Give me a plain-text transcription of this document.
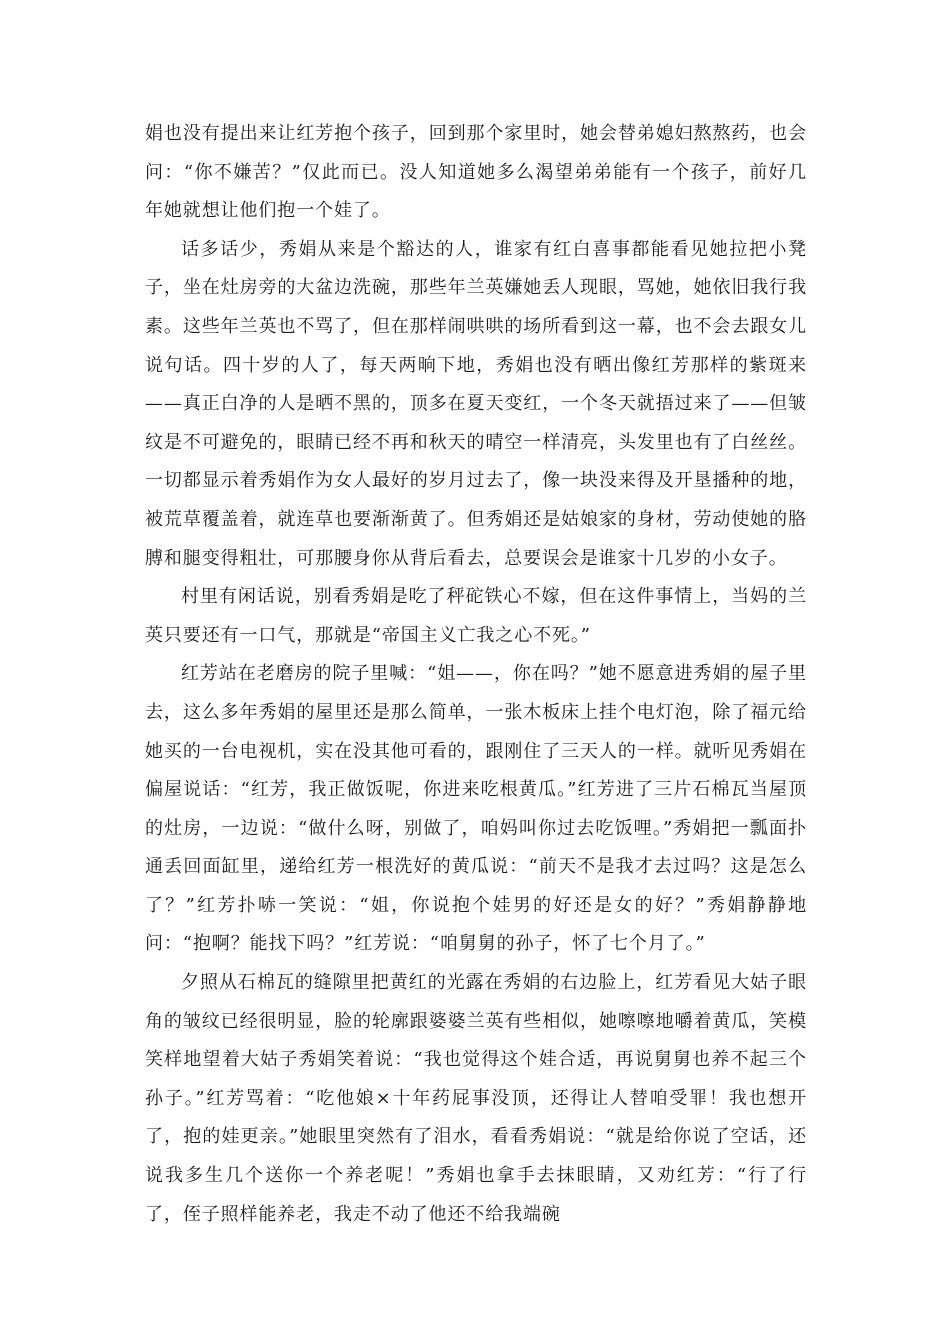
娟也没有提出来让红芳抱个孩子，回到那个家里时，她会替弟媳妇熬熬药，也会问：“你不嫌苦？”仅此而已。没人知道她多么渴望弟弟能有一个孩子，前好几年她就想让他们抱一个娃了。

话多话少，秀娟从来是个豁达的人，谁家有红白喜事都能看见她拉把小凳子，坐在灶房旁的大盆边洗碗，那些年兰英嫌她丢人现眼，骂她，她依旧我行我素。这些年兰英也不骂了，但在那样闹哄哄的场所看到这一幕，也不会去跟女儿说句话。四十岁的人了，每天两晌下地，秀娟也没有晒出像红芳那样的紫斑来——真正白净的人是晒不黑的，顶多在夏天变红，一个冬天就捂过来了——但皱纹是不可避免的，眼睛已经不再和秋天的晴空一样清亮，头发里也有了白丝丝。一切都显示着秀娟作为女人最好的岁月过去了，像一块没来得及开垦播种的地，被荒草覆盖着，就连草也要渐渐黄了。但秀娟还是姑娘家的身材，劳动使她的胳膊和腿变得粗壮，可那腰身你从背后看去，总要误会是谁家十几岁的小女子。

村里有闲话说，别看秀娟是吃了秤砣铁心不嫁，但在这件事情上，当妈的兰英只要还有一口气，那就是“帝国主义亡我之心不死。”

红芳站在老磨房的院子里喊：“姐——，你在吗？”她不愿意进秀娟的屋子里去，这么多年秀娟的屋里还是那么简单，一张木板床上挂个电灯泡，除了福元给她买的一台电视机，实在没其他可看的，跟刚住了三天人的一样。就听见秀娟在偏屋说话：“红芳，我正做饭呢，你进来吃根黄瓜。”红芳进了三片石棉瓦当屋顶的灶房，一边说：“做什么呀，别做了，咱妈叫你过去吃饭哩。”秀娟把一瓢面扑通丢回面缸里，递给红芳一根洗好的黄瓜说：“前天不是我才去过吗？这是怎么了？”红芳扑哧一笑说：“姐，你说抱个娃男的好还是女的好？”秀娟静静地问：“抱啊？能找下吗？”红芳说：“咱舅舅的孙子，怀了七个月了。”

夕照从石棉瓦的缝隙里把黄红的光露在秀娟的右边脸上，红芳看见大姑子眼角的皱纹已经很明显，脸的轮廓跟婆婆兰英有些相似，她嚓嚓地嚼着黄瓜，笑模笑样地望着大姑子秀娟笑着说：“我也觉得这个娃合适，再说舅舅也养不起三个孙子。”红芳骂着：“吃他娘×十年药屁事没顶，还得让人替咱受罪！我也想开了，抱的娃更亲。”她眼里突然有了泪水，看看秀娟说：“就是给你说了空话，还说我多生几个送你一个养老呢！”秀娟也拿手去抹眼睛，又劝红芳：“行了行了，侄子照样能养老，我走不动了他还不给我端碗
